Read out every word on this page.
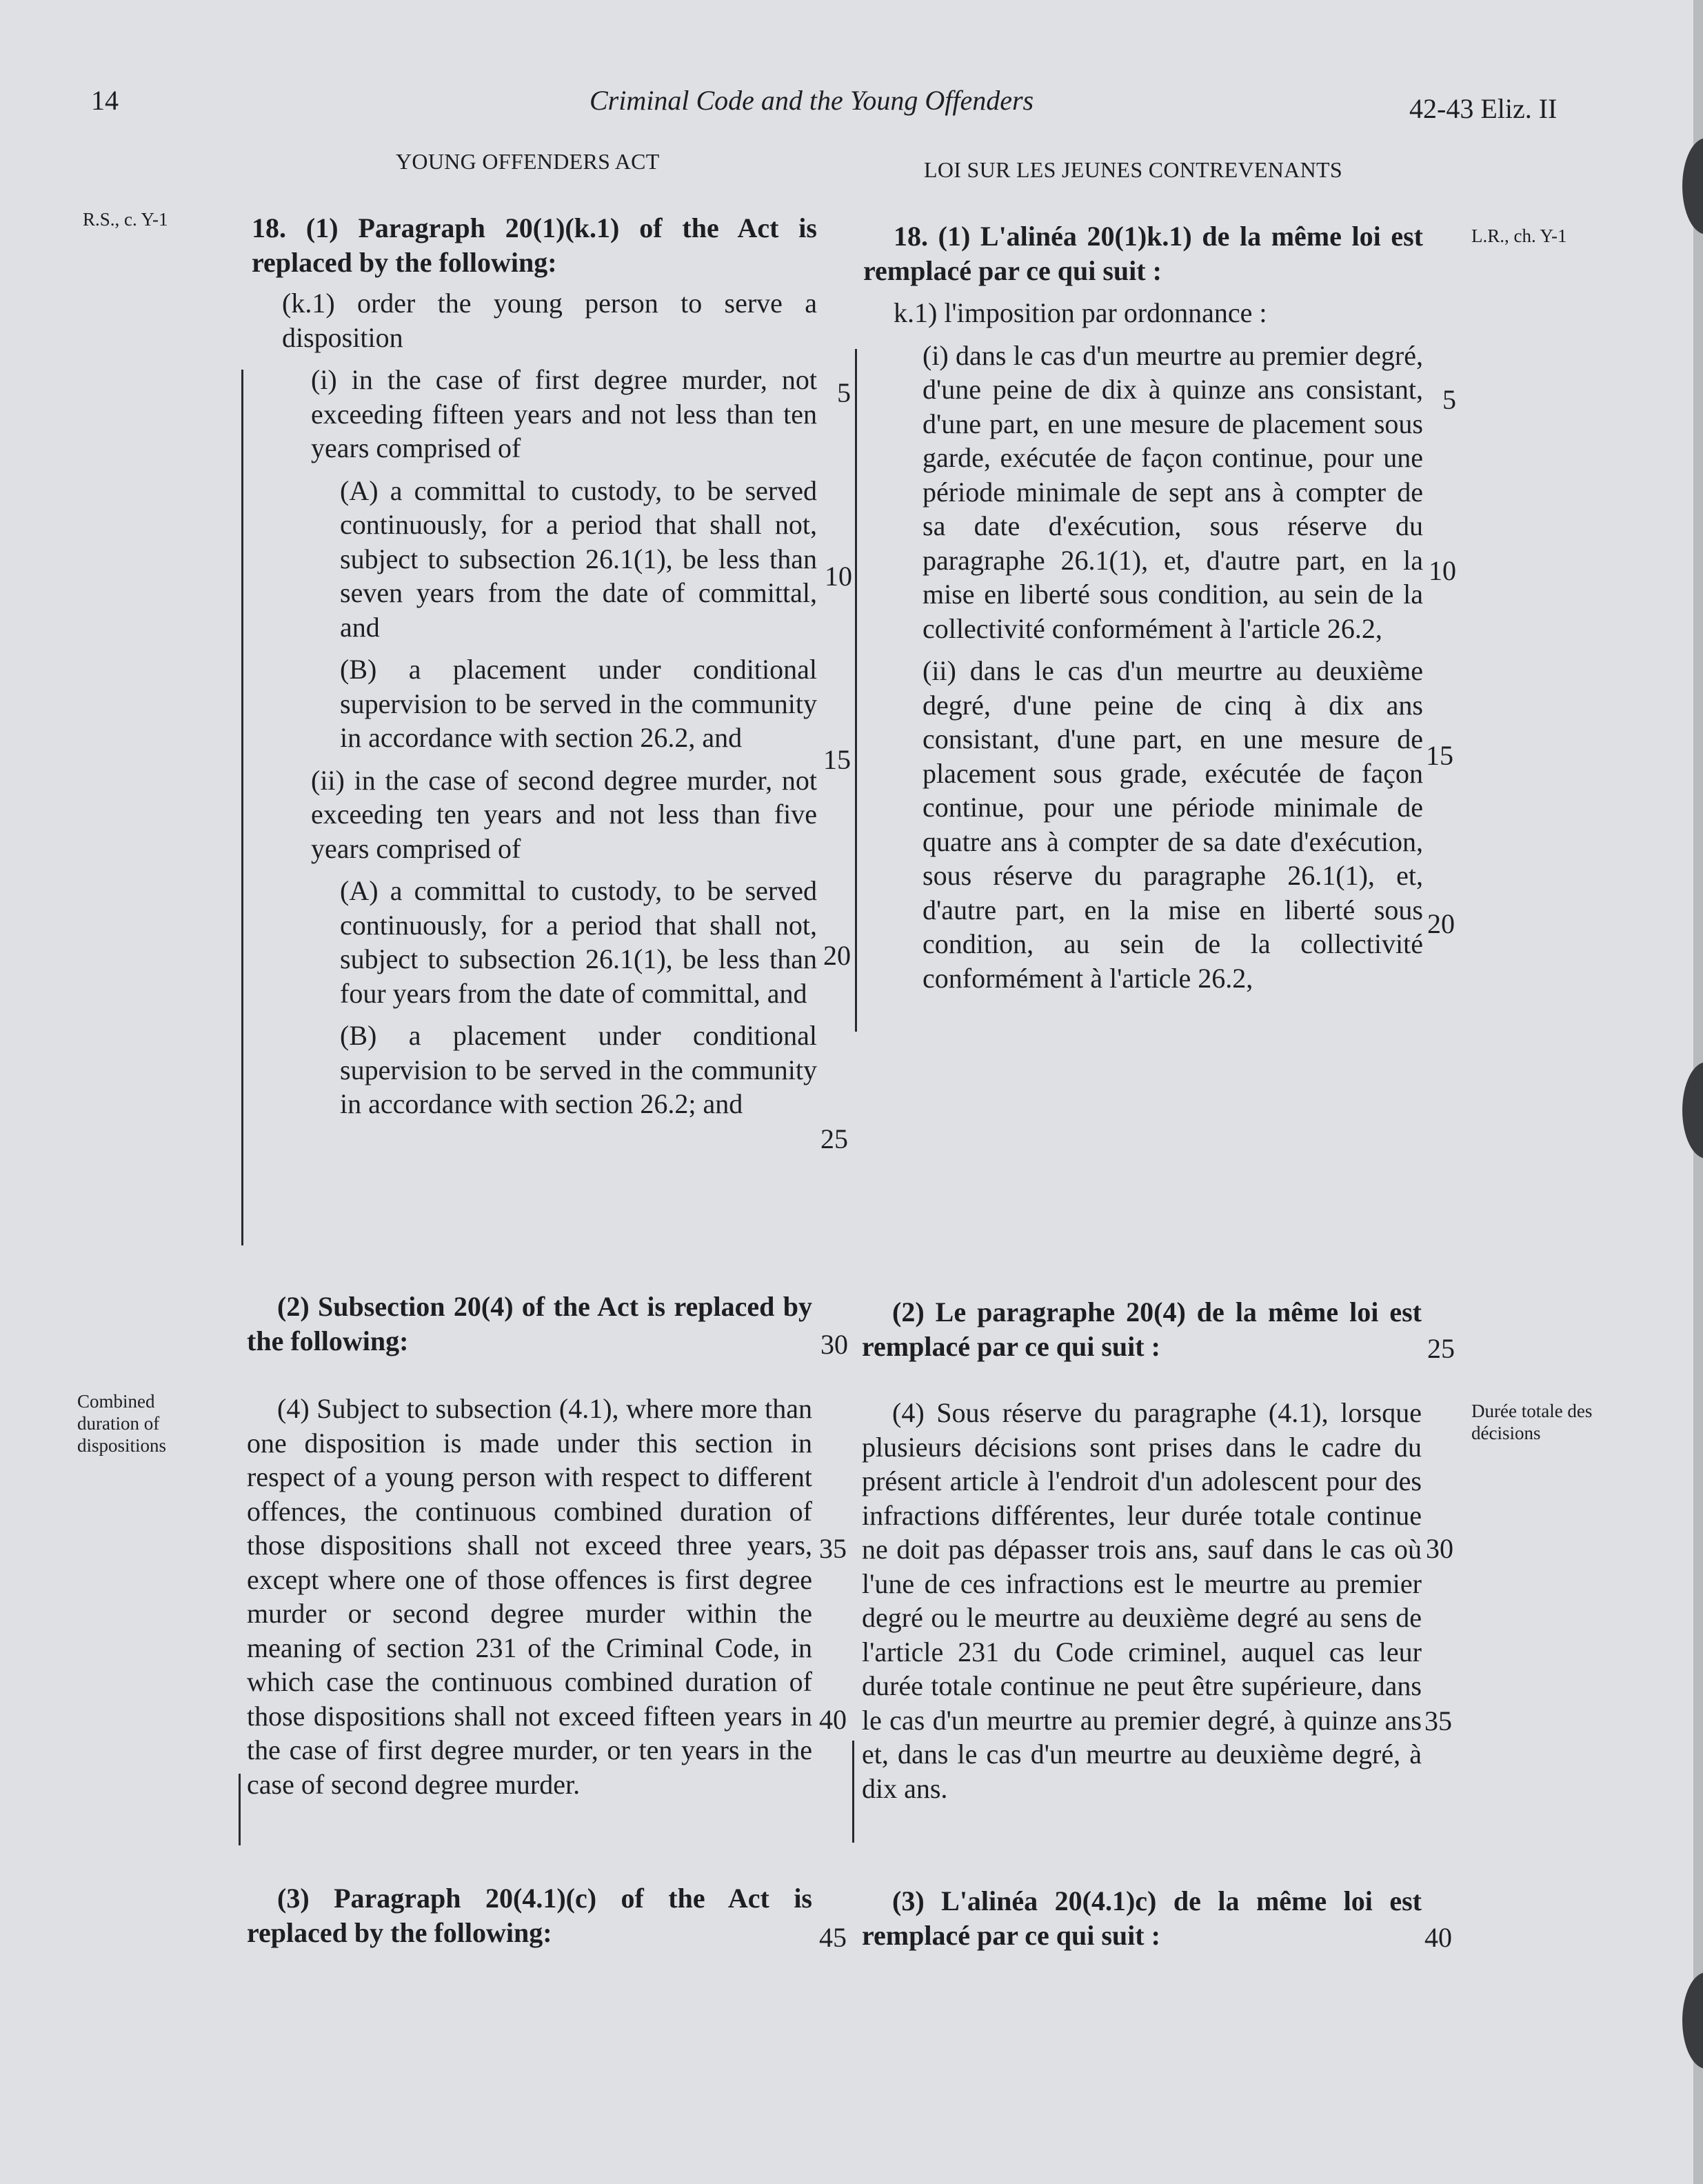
14	Criminal Code and the Young Offenders	42-43 Eliz. II
YOUNG OFFENDERS ACT	LOI SUR LES JEUNES CONTREVENANTS
R.S., c. Y-1
L.R., ch. Y-1
Combined duration of dispositions
Durée totale des décisions

18. (1) Paragraph 20(1)(k.1) of the Act is replaced by the following:

(k.1) order the young person to serve a disposition

(i) in the case of first degree murder, not exceeding fifteen years and not less than ten years comprised of

(A) a committal to custody, to be served continuously, for a period that shall not, subject to subsection 26.1(1), be less than seven years from the date of committal, and

(B) a placement under conditional supervision to be served in the community in accordance with section 26.2, and

(ii) in the case of second degree murder, not exceeding ten years and not less than five years comprised of

(A) a committal to custody, to be served continuously, for a period that shall not, subject to subsection 26.1(1), be less than four years from the date of committal, and

(B) a placement under conditional supervision to be served in the community in accordance with section 26.2; and

(2) Subsection 20(4) of the Act is replaced by the following:

(4) Subject to subsection (4.1), where more than one disposition is made under this section in respect of a young person with respect to different offences, the continuous combined duration of those dispositions shall not exceed three years, except where one of those offences is first degree murder or second degree murder within the meaning of section 231 of the Criminal Code, in which case the continuous combined duration of those dispositions shall not exceed fifteen years in the case of first degree murder, or ten years in the case of second degree murder.

(3) Paragraph 20(4.1)(c) of the Act is replaced by the following:

18. (1) L'alinéa 20(1)k.1) de la même loi est remplacé par ce qui suit :

k.1) l'imposition par ordonnance :

(i) dans le cas d'un meurtre au premier degré, d'une peine de dix à quinze ans consistant, d'une part, en une mesure de placement sous garde, exécutée de façon continue, pour une période minimale de sept ans à compter de sa date d'exécution, sous réserve du paragraphe 26.1(1), et, d'autre part, en la mise en liberté sous condition, au sein de la collectivité conformément à l'article 26.2,

(ii) dans le cas d'un meurtre au deuxième degré, d'une peine de cinq à dix ans consistant, d'une part, en une mesure de placement sous grade, exécutée de façon continue, pour une période minimale de quatre ans à compter de sa date d'exécution, sous réserve du paragraphe 26.1(1), et, d'autre part, en la mise en liberté sous condition, au sein de la collectivité conformément à l'article 26.2,

(2) Le paragraphe 20(4) de la même loi est remplacé par ce qui suit :

(4) Sous réserve du paragraphe (4.1), lorsque plusieurs décisions sont prises dans le cadre du présent article à l'endroit d'un adolescent pour des infractions différentes, leur durée totale continue ne doit pas dépasser trois ans, sauf dans le cas où l'une de ces infractions est le meurtre au premier degré ou le meurtre au deuxième degré au sens de l'article 231 du Code criminel, auquel cas leur durée totale continue ne peut être supérieure, dans le cas d'un meurtre au premier degré, à quinze ans et, dans le cas d'un meurtre au deuxième degré, à dix ans.

(3) L'alinéa 20(4.1)c) de la même loi est remplacé par ce qui suit :

5
10
15
20
25
30
35
40
45
5
10
15
20
25
30
35
40
